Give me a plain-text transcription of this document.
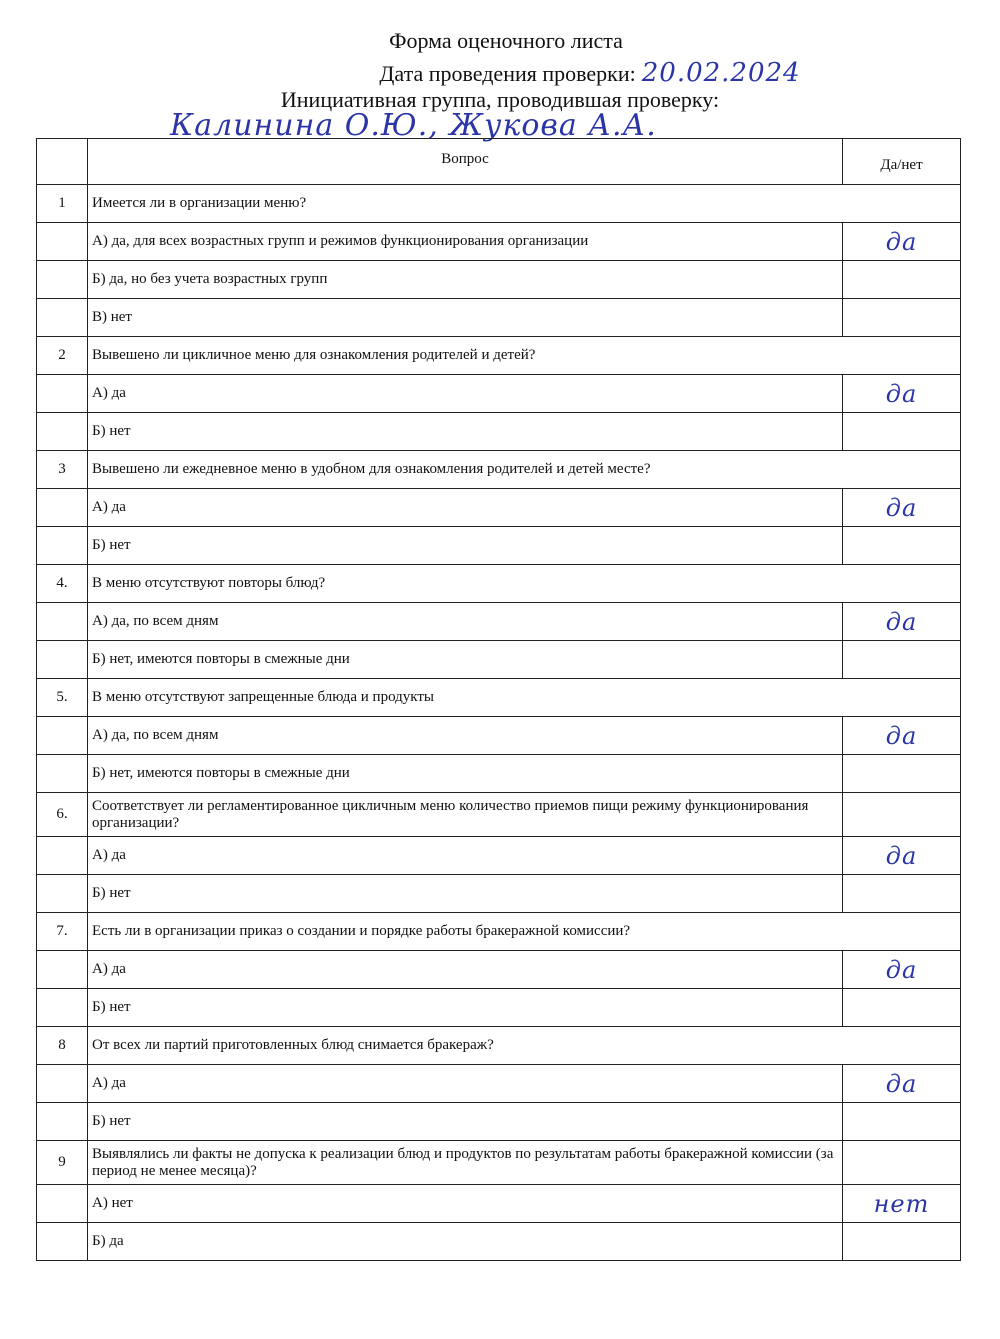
Форма оценочного листа
Дата проведения проверки: 20.02.2024
Инициативная группа, проводившая проверку:
Калинина О.Ю., Жукова А.А.
	Вопрос	Да/нет
1	Имеется ли в организации меню?	
	А) да, для всех возрастных групп и режимов функционирования организации	да
	Б) да, но без учета возрастных групп	
	В) нет	
2	Вывешено ли цикличное меню для ознакомления родителей и детей?	
	А) да	да
	Б) нет	
3	Вывешено ли ежедневное меню в удобном для ознакомления родителей и детей месте?	
	А) да	да
	Б) нет	
4.	В меню отсутствуют повторы блюд?	
	А) да, по всем дням	да
	Б) нет, имеются повторы в смежные дни	
5.	В меню отсутствуют запрещенные блюда и продукты	
	А) да, по всем дням	да
	Б) нет, имеются повторы в смежные дни	
6.	Соответствует ли регламентированное цикличным меню количество приемов пищи режиму функционирования организации?	
	А) да	да
	Б) нет	
7.	Есть ли в организации приказ о создании и порядке работы бракеражной комиссии?	
	А) да	да
	Б) нет	
8	От всех ли партий приготовленных блюд снимается бракераж?	
	А) да	да
	Б) нет	
9	Выявлялись ли факты не допуска к реализации блюд и продуктов по результатам работы бракеражной комиссии (за период не менее месяца)?	
	А) нет	нет
	Б) да	
